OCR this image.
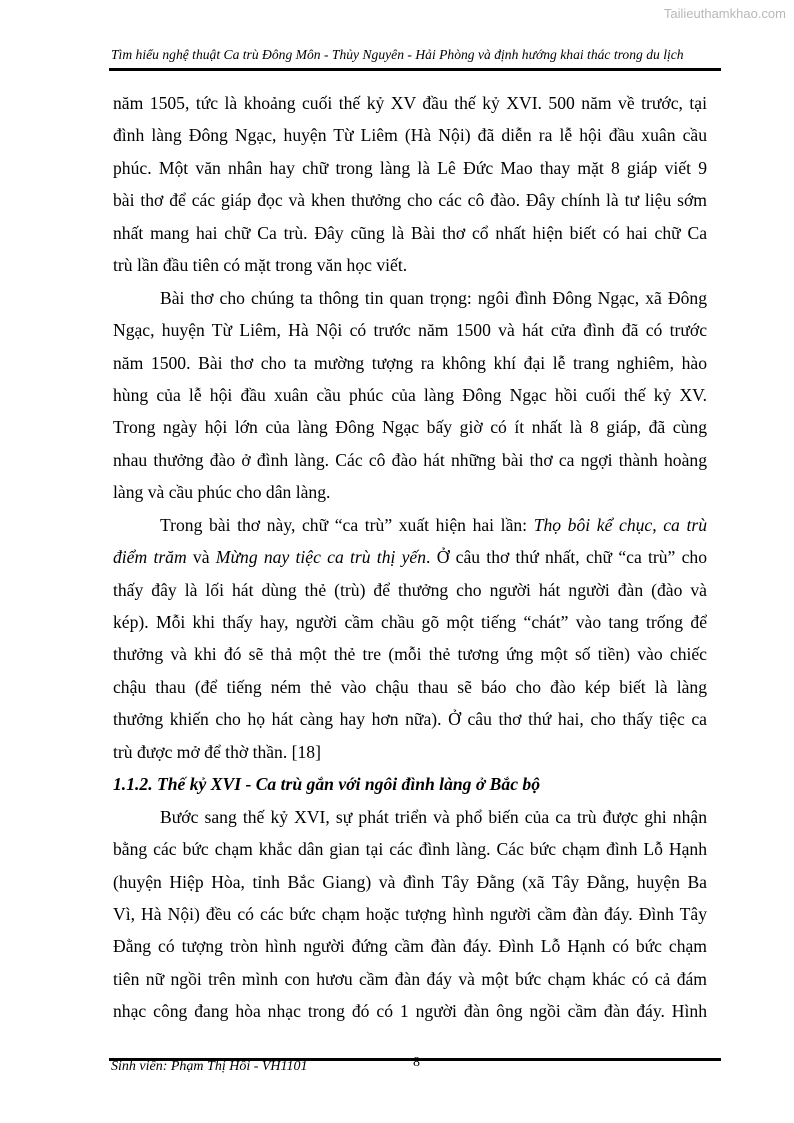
Tailieuthamkhao.com
Tìm hiểu nghệ thuật Ca trù Đông Môn - Thủy Nguyên - Hải Phòng và định hướng khai thác trong du lịch
năm 1505, tức là khoảng cuối thế kỷ XV đầu thế kỷ XVI. 500 năm về trước, tại
đình làng Đông Ngạc, huyện Từ Liêm (Hà Nội) đã diễn ra lễ hội đầu xuân cầu
phúc. Một văn nhân hay chữ trong làng là Lê Đức Mao thay mặt 8 giáp viết 9
bài thơ để các giáp đọc và khen thưởng cho các cô đào. Đây chính là tư liệu sớm
nhất mang hai chữ Ca trù. Đây cũng là Bài thơ cổ nhất hiện biết có hai chữ Ca
trù lần đầu tiên có mặt trong văn học viết.
Bài thơ cho chúng ta thông tin quan trọng: ngôi đình Đông Ngạc, xã Đông
Ngạc, huyện Từ Liêm, Hà Nội có trước năm 1500 và hát cửa đình đã có trước
năm 1500. Bài thơ cho ta mường tượng ra không khí đại lễ trang nghiêm, hào
hùng của lễ hội đầu xuân cầu phúc của làng Đông Ngạc hồi cuối thế kỷ XV.
Trong ngày hội lớn của làng Đông Ngạc bấy giờ có ít nhất là 8 giáp, đã cùng
nhau thưởng đào ở đình làng. Các cô đào hát những bài thơ ca ngợi thành hoàng
làng và cầu phúc cho dân làng.
Trong bài thơ này, chữ “ca trù” xuất hiện hai lần: Thọ bôi kể chục, ca trù
điểm trăm và Mừng nay tiệc ca trù thị yến. Ở câu thơ thứ nhất, chữ “ca trù” cho
thấy đây là lối hát dùng thẻ (trù) để thưởng cho người hát người đàn (đào và
kép). Mỗi khi thấy hay, người cầm chầu gõ một tiếng “chát” vào tang trống để
thưởng và khi đó sẽ thả một thẻ tre (mỗi thẻ tương ứng một số tiền) vào chiếc
chậu thau (để tiếng ném thẻ vào chậu thau sẽ báo cho đào kép biết là làng
thưởng khiến cho họ hát càng hay hơn nữa). Ở câu thơ thứ hai, cho thấy tiệc ca
trù được mở để thờ thần. [18]
1.1.2. Thế kỷ XVI - Ca trù gắn với ngôi đình làng ở Bắc bộ
Bước sang thế kỷ XVI, sự phát triển và phổ biến của ca trù được ghi nhận
bằng các bức chạm khắc dân gian tại các đình làng. Các bức chạm đình Lỗ Hạnh
(huyện Hiệp Hòa, tỉnh Bắc Giang) và đình Tây Đằng (xã Tây Đằng, huyện Ba
Vì, Hà Nội) đều có các bức chạm hoặc tượng hình người cầm đàn đáy. Đình Tây
Đằng có tượng tròn hình người đứng cầm đàn đáy. Đình Lỗ Hạnh có bức chạm
tiên nữ ngồi trên mình con hươu cầm đàn đáy và một bức chạm khác có cả đám
nhạc công đang hòa nhạc trong đó có 1 người đàn ông ngồi cầm đàn đáy. Hình
Sinh viên: Phạm Thị Hồi - VH1101	8
